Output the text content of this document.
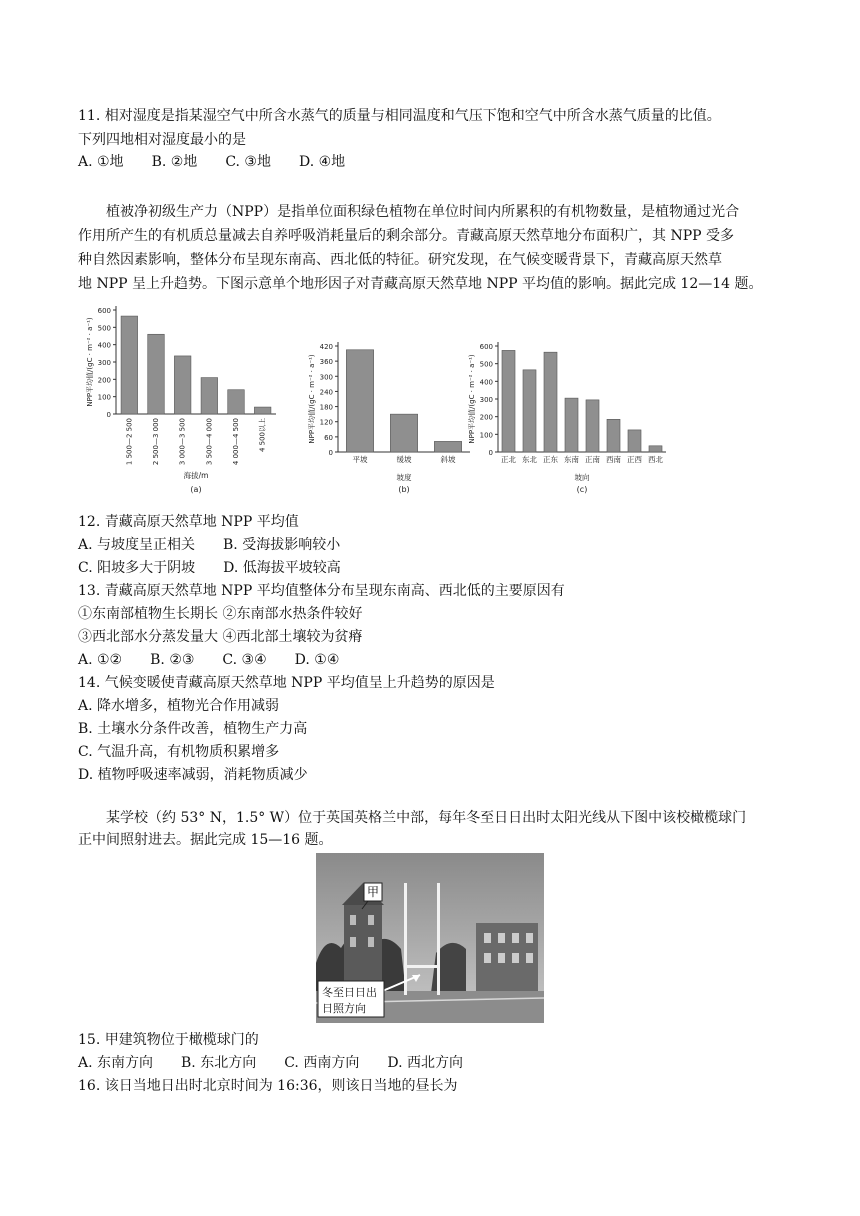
11. 相对湿度是指某湿空气中所含水蒸气的质量与相同温度和气压下饱和空气中所含水蒸气质量的比值。
下列四地相对湿度最小的是
A. ①地 B. ②地 C. ③地 D. ④地
植被净初级生产力（NPP）是指单位面积绿色植物在单位时间内所累积的有机物数量，是植物通过光合
作用所产生的有机质总量减去自养呼吸消耗量后的剩余部分。青藏高原天然草地分布面积广，其 NPP 受多
种自然因素影响，整体分布呈现东南高、西北低的特征。研究发现，在气候变暖背景下，青藏高原天然草
地 NPP 呈上升趋势。下图示意单个地形因子对青藏高原天然草地 NPP 平均值的影响。据此完成 12—14 题。
0
100
200
300
400
500
600
NPP平均值/(gC · m⁻² · a⁻¹)
1 500—2 500	2 500—3 000	3 000—3 500	3 500—4 000	4 000—4 500	4 500以上
海拔/m
(a)
0
60
120
180
240
300
360
420
NPP平均值/(gC · m⁻² · a⁻¹)
平坡	缓坡	斜坡
坡度
(b)
0
100
200
300
400
500
600
NPP平均值/(gC · m⁻² · a⁻¹)
正北 东北 正东 东南 正南 西南 正西 西北
坡向
(c)
12. 青藏高原天然草地 NPP 平均值
A. 与坡度呈正相关 B. 受海拔影响较小
C. 阳坡多大于阴坡 D. 低海拔平坡较高
13. 青藏高原天然草地 NPP 平均值整体分布呈现东南高、西北低的主要原因有
①东南部植物生长期长 ②东南部水热条件较好
③西北部水分蒸发量大 ④西北部土壤较为贫瘠
A. ①② B. ②③ C. ③④ D. ①④
14. 气候变暖使青藏高原天然草地 NPP 平均值呈上升趋势的原因是
A. 降水增多，植物光合作用减弱
B. 土壤水分条件改善，植物生产力高
C. 气温升高，有机物质积累增多
D. 植物呼吸速率减弱，消耗物质减少
某学校（约 53° N，1.5° W）位于英国英格兰中部，每年冬至日日出时太阳光线从下图中该校橄榄球门
正中间照射进去。据此完成 15—16 题。
甲
冬至日日出
日照方向
15. 甲建筑物位于橄榄球门的
A. 东南方向 B. 东北方向 C. 西南方向 D. 西北方向
16. 该日当地日出时北京时间为 16:36，则该日当地的昼长为
